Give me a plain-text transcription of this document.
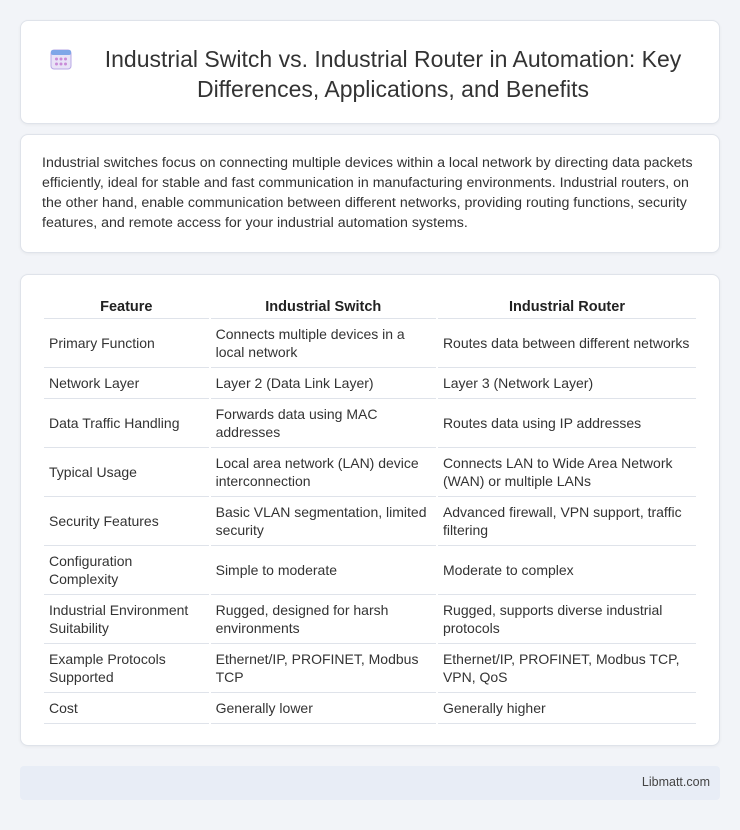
Industrial Switch vs. Industrial Router in Automation: Key Differences, Applications, and Benefits

Industrial switches focus on connecting multiple devices within a local network by directing data packets efficiently, ideal for stable and fast communication in manufacturing environments. Industrial routers, on the other hand, enable communication between different networks, providing routing functions, security features, and remote access for your industrial automation systems.

Feature	Industrial Switch	Industrial Router
Primary Function	Connects multiple devices in a local network	Routes data between different networks
Network Layer	Layer 2 (Data Link Layer)	Layer 3 (Network Layer)
Data Traffic Handling	Forwards data using MAC addresses	Routes data using IP addresses
Typical Usage	Local area network (LAN) device interconnection	Connects LAN to Wide Area Network (WAN) or multiple LANs
Security Features	Basic VLAN segmentation, limited security	Advanced firewall, VPN support, traffic filtering
Configuration Complexity	Simple to moderate	Moderate to complex
Industrial Environment Suitability	Rugged, designed for harsh environments	Rugged, supports diverse industrial protocols
Example Protocols Supported	Ethernet/IP, PROFINET, Modbus TCP	Ethernet/IP, PROFINET, Modbus TCP, VPN, QoS
Cost	Generally lower	Generally higher
Libmatt.com
